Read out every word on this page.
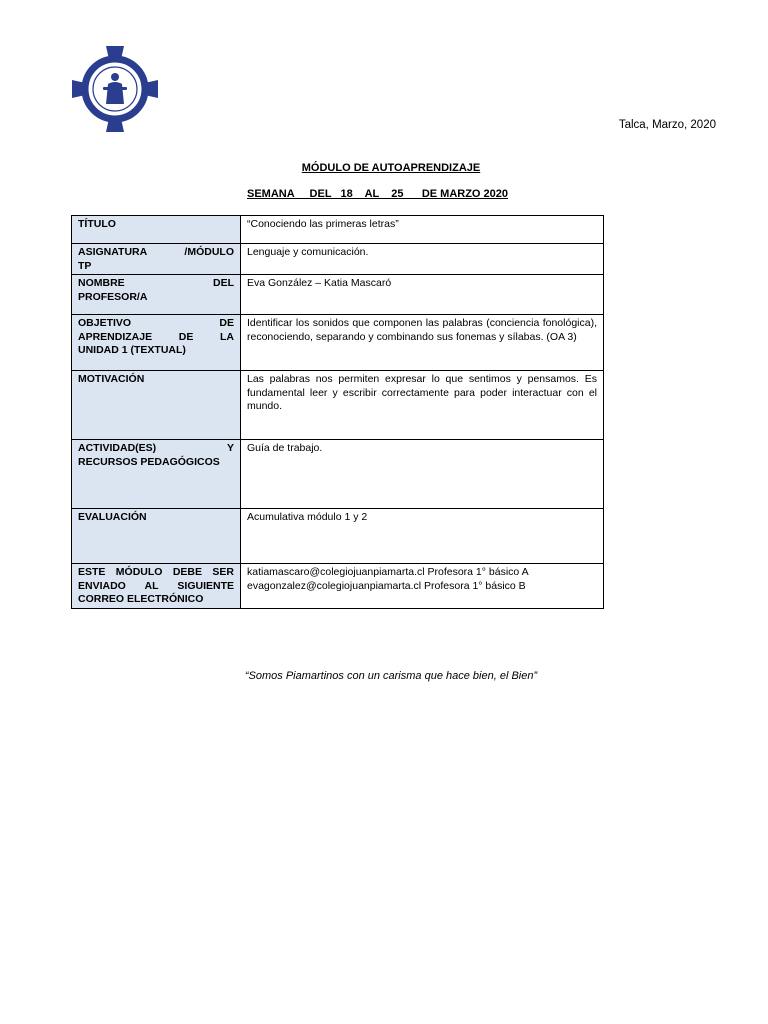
Talca, Marzo, 2020
MÓDULO DE AUTOAPRENDIZAJE
SEMANA     DEL   18    AL    25      DE MARZO 2020
TÍTULO	“Conociendo las primeras letras”

ASIGNATURA /MÓDULO
TP	Lenguaje y comunicación.

NOMBRE DEL
PROFESOR/A	Eva González – Katia Mascaró

OBJETIVO DE
APRENDIZAJE DE LA
UNIDAD 1 (TEXTUAL)	Identificar los sonidos que componen las palabras (conciencia fonológica), reconociendo, separando y combinando sus fonemas y sílabas. (OA 3)
MOTIVACIÓN	Las palabras nos permiten expresar lo que sentimos y pensamos. Es fundamental leer y escribir correctamente para poder interactuar con el mundo.

ACTIVIDAD(ES) Y
RECURSOS PEDAGÓGICOS	Guía de trabajo.
EVALUACIÓN	Acumulativa módulo 1 y 2

ESTE MÓDULO DEBE SER
ENVIADO AL SIGUIENTE
CORREO ELECTRÓNICO	katiamascaro@colegiojuanpiamarta.cl Profesora 1° básico A
evagonzalez@colegiojuanpiamarta.cl Profesora 1° básico B
“Somos Piamartinos con un carisma que hace bien, el Bien”
